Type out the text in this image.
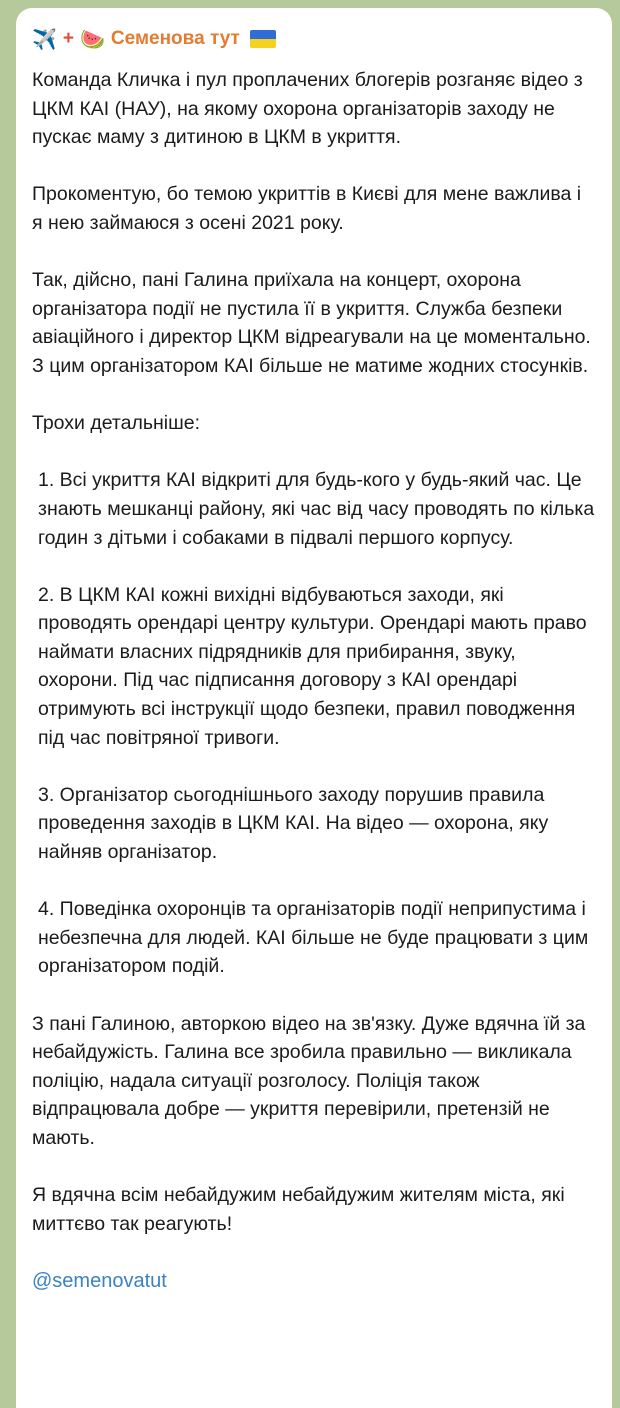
✈️ + 🍉 Семенова тут

Команда Кличка і пул проплачених блогерів розганяє відео з ЦКМ КАІ (НАУ), на якому охорона організаторів заходу не пускає маму з дитиною в ЦКМ в укриття.

Прокоментую, бо темою укриттів в Києві для мене важлива і я нею займаюся з осені 2021 року.

Так, дійсно, пані Галина приїхала на концерт, охорона організатора події не пустила її в укриття. Служба безпеки авіаційного і директор ЦКМ відреагували на це моментально. З цим організатором КАІ більше не матиме жодних стосунків.

Трохи детальніше:

1. Всі укриття КАІ відкриті для будь-кого у будь-який час. Це знають мешканці району, які час від часу проводять по кілька годин з дітьми і собаками в підвалі першого корпусу.

2. В ЦКМ КАІ кожні вихідні відбуваються заходи, які проводять орендарі центру культури. Орендарі мають право наймати власних підрядників для прибирання, звуку, охорони. Під час підписання договору з КАІ орендарі отримують всі інструкції щодо безпеки, правил поводження під час повітряної тривоги.

3. Організатор сьогоднішнього заходу порушив правила проведення заходів в ЦКМ КАІ. На відео — охорона, яку найняв організатор.

4. Поведінка охоронців та організаторів події неприпустима і небезпечна для людей. КАІ більше не буде працювати з цим організатором подій.

З пані Галиною, авторкою відео на зв'язку. Дуже вдячна їй за небайдужість. Галина все зробила правильно — викликала поліцію, надала ситуації розголосу. Поліція також відпрацювала добре — укриття перевірили, претензій не мають.

Я вдячна всім небайдужим небайдужим жителям міста, які миттєво так реагують!

@semenovatut
